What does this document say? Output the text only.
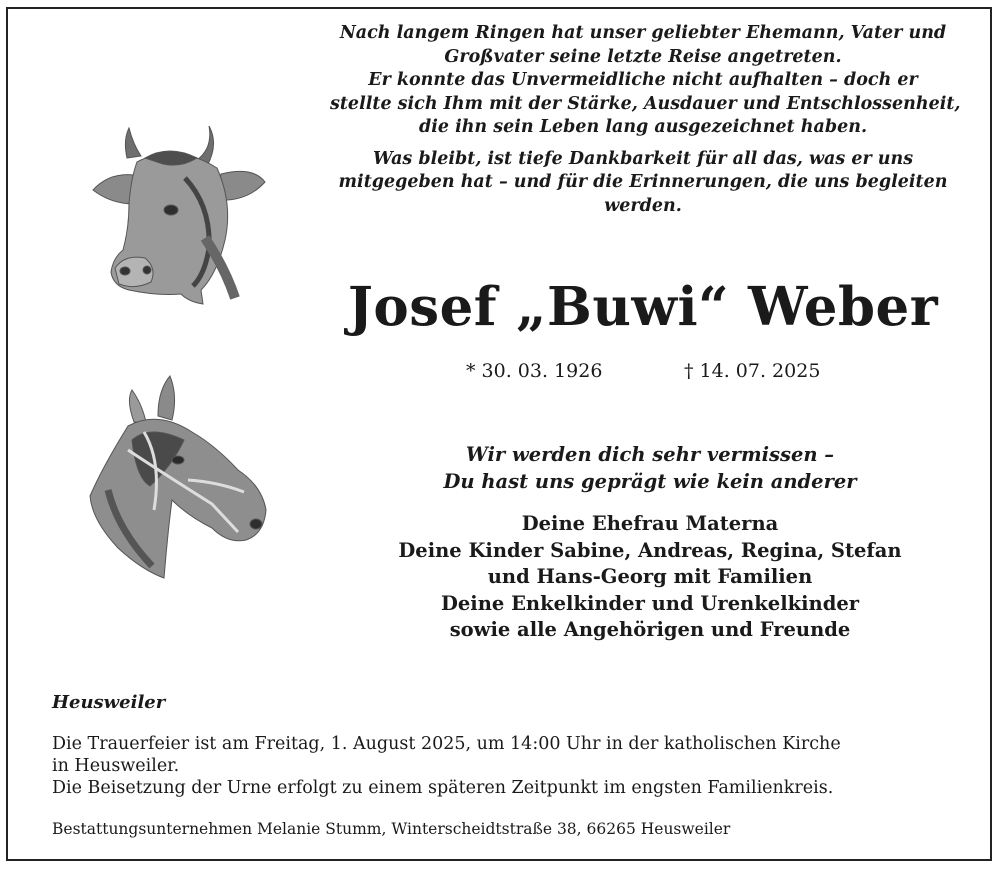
Nach langem Ringen hat unser geliebter Ehemann, Vater und
Großvater seine letzte Reise angetreten.
Er konnte das Unvermeidliche nicht aufhalten – doch er
stellte sich Ihm mit der Stärke, Ausdauer und Entschlossenheit,
die ihn sein Leben lang ausgezeichnet haben.

Was bleibt, ist tiefe Dankbarkeit für all das, was er uns
mitgegeben hat – und für die Erinnerungen, die uns begleiten
werden.

Josef „Buwi“ Weber
* 30. 03. 1926	† 14. 07. 2025
Wir werden dich sehr vermissen –
Du hast uns geprägt wie kein anderer
Deine Ehefrau Materna
Deine Kinder Sabine, Andreas, Regina, Stefan
und Hans-Georg mit Familien
Deine Enkelkinder und Urenkelkinder
sowie alle Angehörigen und Freunde
Heusweiler
Die Trauerfeier ist am Freitag, 1. August 2025, um 14:00 Uhr in der katholischen Kirche
in Heusweiler.
Die Beisetzung der Urne erfolgt zu einem späteren Zeitpunkt im engsten Familienkreis.
Bestattungsunternehmen Melanie Stumm, Winterscheidtstraße 38, 66265 Heusweiler
